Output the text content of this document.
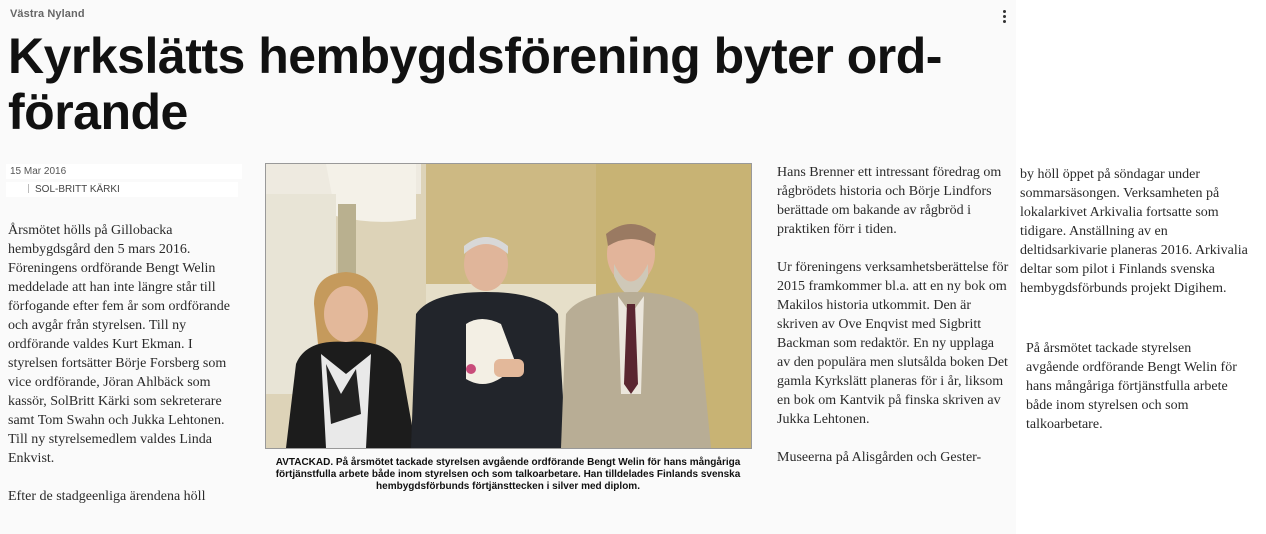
Västra Nyland
Kyrkslätts hembygdsförening byter ord-förande
15 Mar 2016
SOL-BRITT KÄRKI

Årsmötet hölls på Gillobacka hembygdsgård den 5 mars 2016. Föreningens ordförande Bengt Welin meddelade att han inte längre står till förfogande efter fem år som ordförande och avgår från styrelsen. Till ny ordförande valdes Kurt Ekman. I styrelsen fortsätter Börje Forsberg som vice ordförande, Jöran Ahlbäck som kassör, SolBritt Kärki som sekreterare samt Tom Swahn och Jukka Lehtonen. Till ny styrelsemedlem valdes Linda Enkvist.

Efter de stadgeenliga ärendena höll

AVTACKAD. På årsmötet tackade styrelsen avgående ordförande Bengt Welin för hans mångåriga förtjänstfulla arbete både inom styrelsen och som talkoarbetare. Han tilldelades Finlands svenska hembygdsförbunds förtjänsttecken i silver med diplom.

Hans Brenner ett intressant föredrag om rågbrödets historia och Börje Lindfors berättade om bakande av rågbröd i praktiken förr i tiden.

Ur föreningens verksamhetsberättelse för 2015 framkommer bl.a. att en ny bok om Makilos historia utkommit. Den är skriven av Ove Enqvist med Sigbritt Backman som redaktör. En ny upplaga av den populära men slutsålda boken Det gamla Kyrkslätt planeras för i år, liksom en bok om Kantvik på finska skriven av Jukka Lehtonen.

Museerna på Alisgården och Gester-

by höll öppet på söndagar under sommarsäsongen. Verksamheten på lokalarkivet Arkivalia fortsatte som tidigare. Anställning av en deltidsarkivarie planeras 2016. Arkivalia deltar som pilot i Finlands svenska hembygdsförbunds projekt Digihem.

På årsmötet tackade styrelsen avgående ordförande Bengt Welin för hans mångåriga förtjänstfulla arbete både inom styrelsen och som talkoarbetare.
